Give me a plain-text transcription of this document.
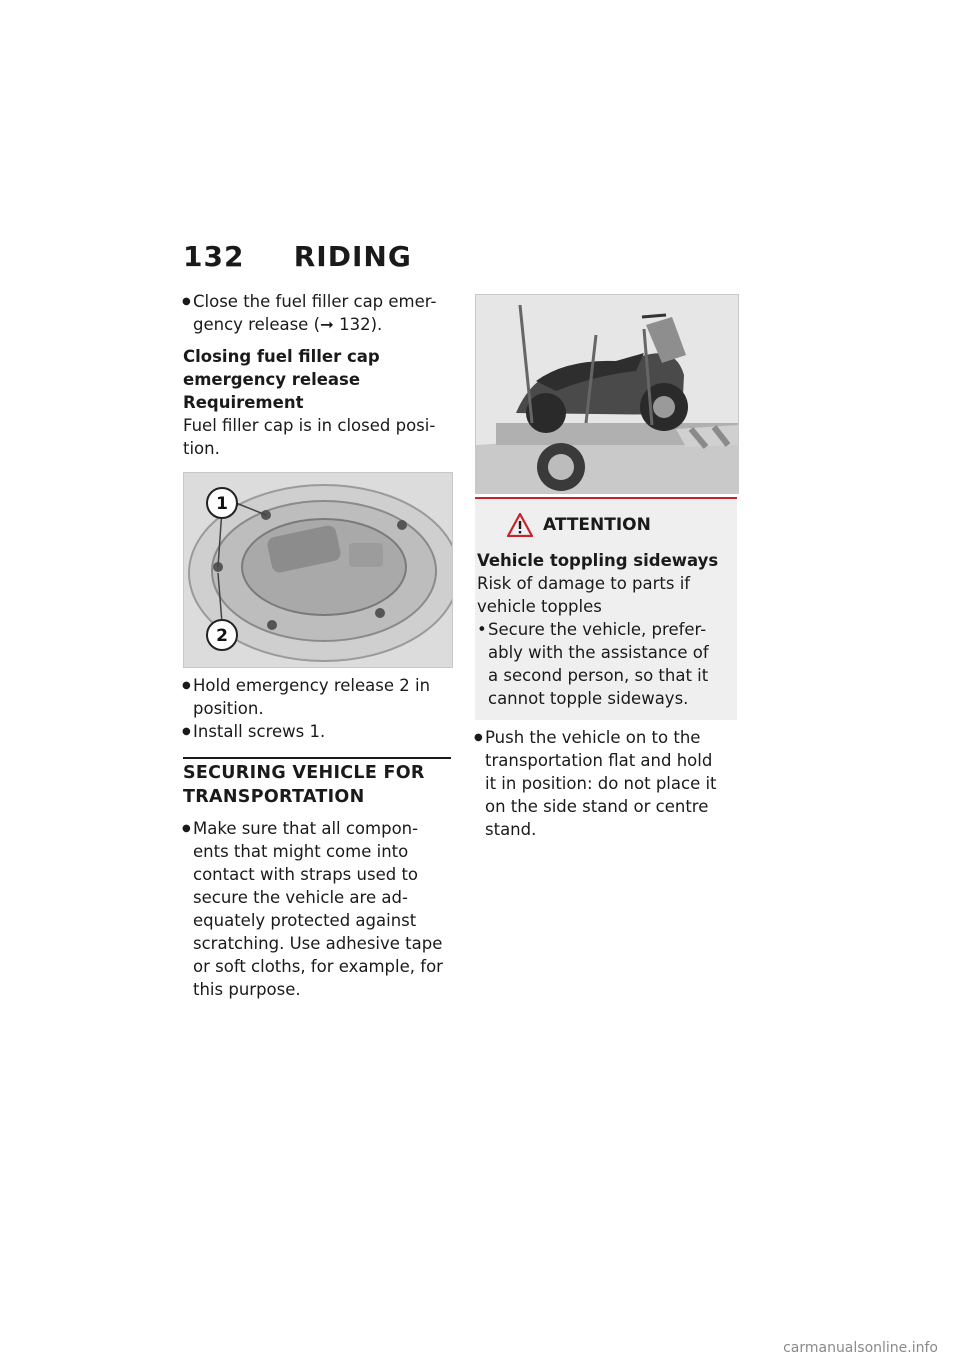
132 RIDING
● Close the fuel filler cap emer-
gency release (➞ 132).
Closing fuel filler cap
emergency release
Requirement
Fuel filler cap is in closed posi-
tion.
1
2
● Hold emergency release 2 in
position.
● Install screws 1.
SECURING VEHICLE FOR
TRANSPORTATION
● Make sure that all compon-
ents that might come into
contact with straps used to
secure the vehicle are ad-
equately protected against
scratching. Use adhesive tape
or soft cloths, for example, for
this purpose.
ATTENTION
Vehicle toppling sideways
Risk of damage to parts if
vehicle topples
• Secure the vehicle, prefer-
ably with the assistance of
a second person, so that it
cannot topple sideways.
● Push the vehicle on to the
transportation flat and hold
it in position: do not place it
on the side stand or centre
stand.
carmanualsonline.info
